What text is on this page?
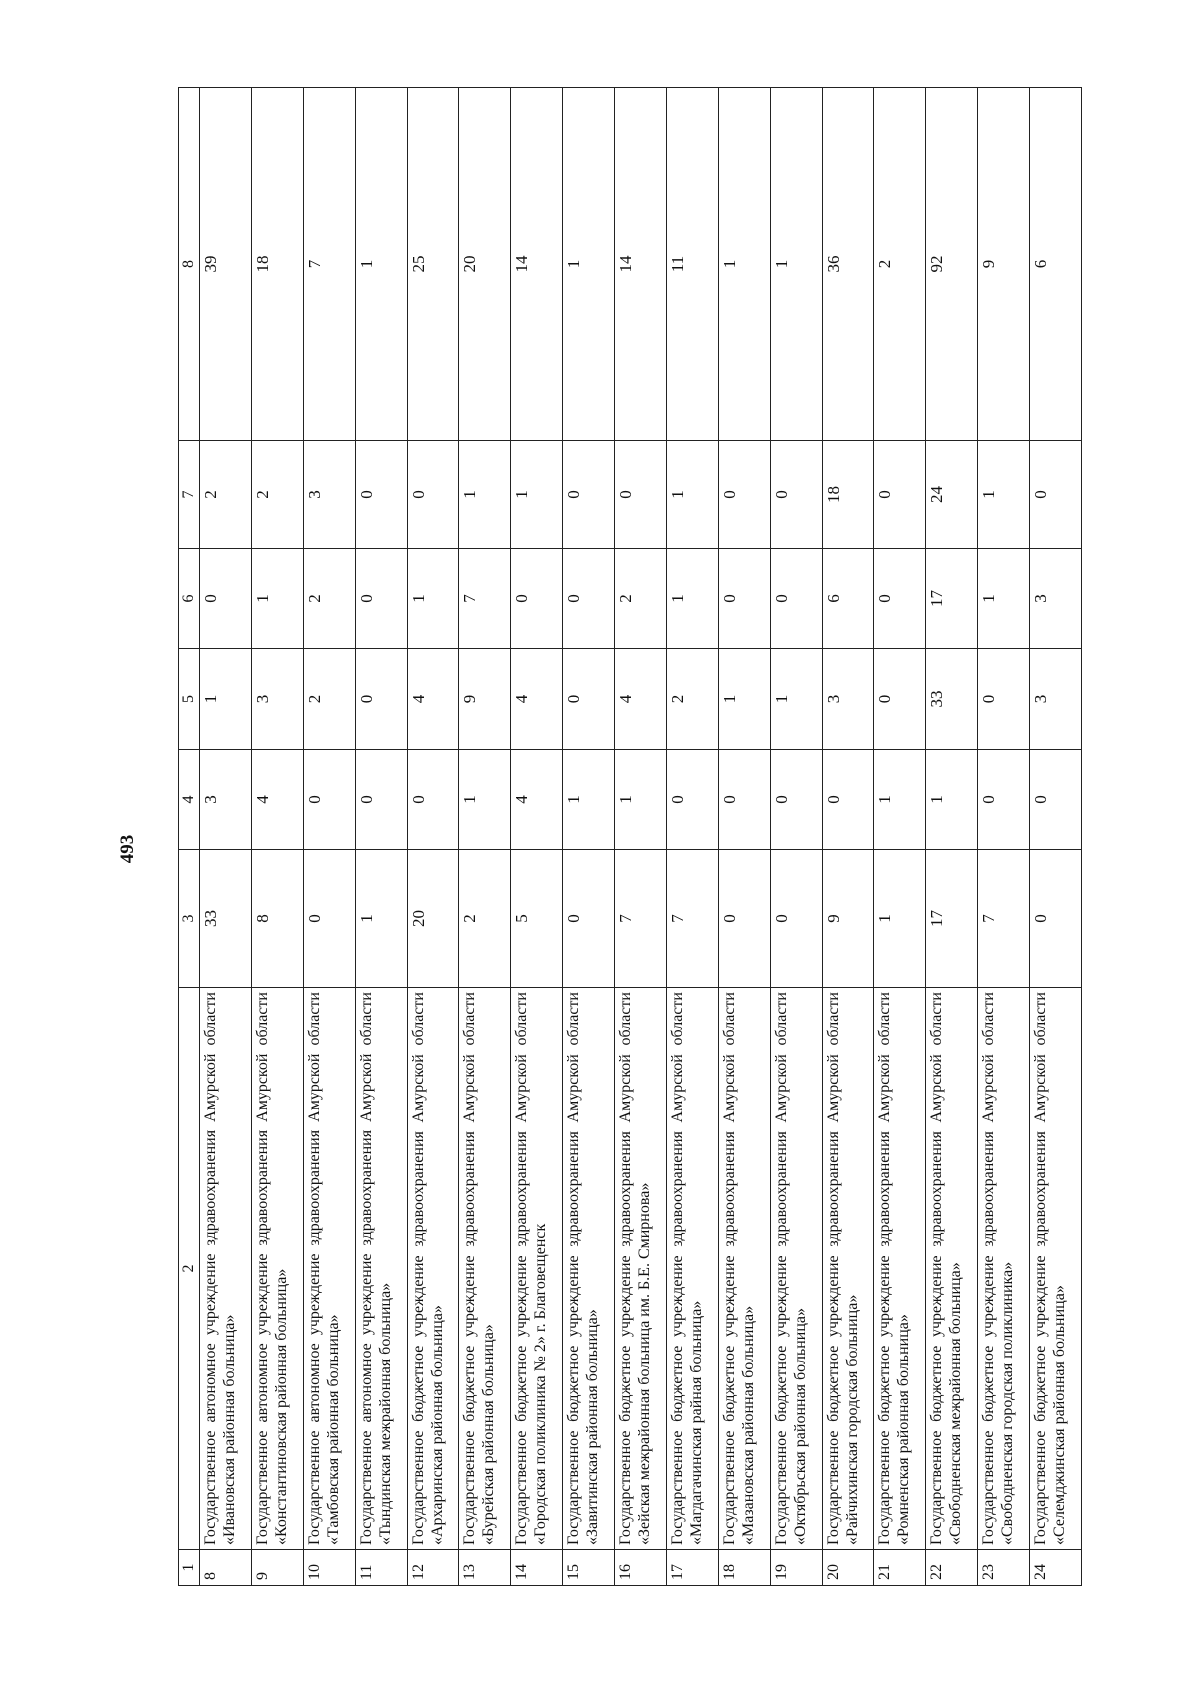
493
1	2	3	4	5	6	7	8
8	Государственное автономное учреждение здравоохранения Амурской области «Ивановская районная больница»	33	3	1	0	2	39
9	Государственное автономное учреждение здравоохранения Амурской области «Константиновская районная больница»	8	4	3	1	2	18
10	Государственное автономное учреждение здравоохранения Амурской области «Тамбовская районная больница»	0	0	2	2	3	7
11	Государственное автономное учреждение здравоохранения Амурской области «Тындинская межрайонная больница»	1	0	0	0	0	1
12	Государственное бюджетное учреждение здравоохранения Амурской области «Архаринская районная больница»	20	0	4	1	0	25
13	Государственное бюджетное учреждение здравоохранения Амурской области «Бурейская районная больница»	2	1	9	7	1	20
14	Государственное бюджетное учреждение здравоохранения Амурской области «Городская поликлиника № 2» г. Благовещенск	5	4	4	0	1	14
15	Государственное бюджетное учреждение здравоохранения Амурской области «Завитинская районная больница»	0	1	0	0	0	1
16	Государственное бюджетное учреждение здравоохранения Амурской области «Зейская межрайонная больница им. Б.Е. Смирнова»	7	1	4	2	0	14
17	Государственное бюджетное учреждение здравоохранения Амурской области «Магдагачинская райная больница»	7	0	2	1	1	11
18	Государственное бюджетное учреждение здравоохранения Амурской области «Мазановская районная больница»	0	0	1	0	0	1
19	Государственное бюджетное учреждение здравоохранения Амурской области «Октябрьская районная больница»	0	0	1	0	0	1
20	Государственное бюджетное учреждение здравоохранения Амурской области «Райчихинская городская больница»	9	0	3	6	18	36
21	Государственное бюджетное учреждение здравоохранения Амурской области «Ромненская районная больница»	1	1	0	0	0	2
22	Государственное бюджетное учреждение здравоохранения Амурской области «Свободненская межрайонная больница»	17	1	33	17	24	92
23	Государственное бюджетное учреждение здравоохранения Амурской области «Свободненская городская поликлиника»	7	0	0	1	1	9
24	Государственное бюджетное учреждение здравоохранения Амурской области «Селемджинская районная больница»	0	0	3	3	0	6
